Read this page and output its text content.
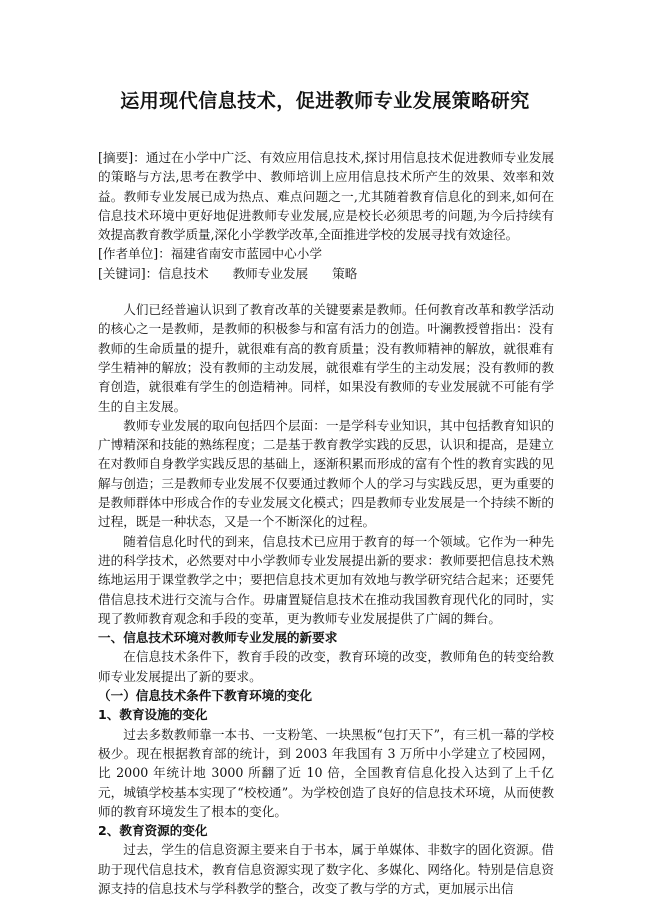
运用现代信息技术，促进教师专业发展策略研究

[摘要]：通过在小学中广泛、有效应用信息技术,探讨用信息技术促进教师专业发展的策略与方法,思考在教学中、教师培训上应用信息技术所产生的效果、效率和效益。教师专业发展已成为热点、难点问题之一,尤其随着教育信息化的到来,如何在信息技术环境中更好地促进教师专业发展,应是校长必须思考的问题,为今后持续有效提高教育教学质量,深化小学教学改革,全面推进学校的发展寻找有效途径。

[作者单位]：福建省南安市蓝园中心小学

[关键词]：信息技术 教师专业发展 策略

人们已经普遍认识到了教育改革的关键要素是教师。任何教育改革和教学活动的核心之一是教师，是教师的积极参与和富有活力的创造。叶澜教授曾指出：没有教师的生命质量的提升，就很难有高的教育质量；没有教师精神的解放，就很难有学生精神的解放；没有教师的主动发展，就很难有学生的主动发展；没有教师的教育创造，就很难有学生的创造精神。同样，如果没有教师的专业发展就不可能有学生的自主发展。

教师专业发展的取向包括四个层面：一是学科专业知识，其中包括教育知识的广博精深和技能的熟练程度；二是基于教育教学实践的反思，认识和提高，是建立在对教师自身教学实践反思的基础上，逐渐积累而形成的富有个性的教育实践的见解与创造；三是教师专业发展不仅要通过教师个人的学习与实践反思，更为重要的是教师群体中形成合作的专业发展文化模式；四是教师专业发展是一个持续不断的过程，既是一种状态，又是一个不断深化的过程。

随着信息化时代的到来，信息技术已应用于教育的每一个领域。它作为一种先进的科学技术，必然要对中小学教师专业发展提出新的要求：教师要把信息技术熟练地运用于课堂教学之中；要把信息技术更加有效地与教学研究结合起来；还要凭借信息技术进行交流与合作。毋庸置疑信息技术在推动我国教育现代化的同时，实现了教师教育观念和手段的变革，更为教师专业发展提供了广阔的舞台。

一、信息技术环境对教师专业发展的新要求

在信息技术条件下，教育手段的改变，教育环境的改变，教师角色的转变给教师专业发展提出了新的要求。

（一）信息技术条件下教育环境的变化
1、教育设施的变化

过去多数教师靠一本书、一支粉笔、一块黑板“包打天下”，有三机一幕的学校极少。现在根据教育部的统计，到 2003 年我国有 3 万所中小学建立了校园网，比 2000 年统计地 3000 所翻了近 10 倍，全国教育信息化投入达到了上千亿元，城镇学校基本实现了“校校通”。为学校创造了良好的信息技术环境，从而使教师的教育环境发生了根本的变化。

2、教育资源的变化

过去，学生的信息资源主要来自于书本，属于单媒体、非数字的固化资源。借助于现代信息技术，教育信息资源实现了数字化、多媒化、网络化。特别是信息资源支持的信息技术与学科教学的整合，改变了教与学的方式，更加展示出信
